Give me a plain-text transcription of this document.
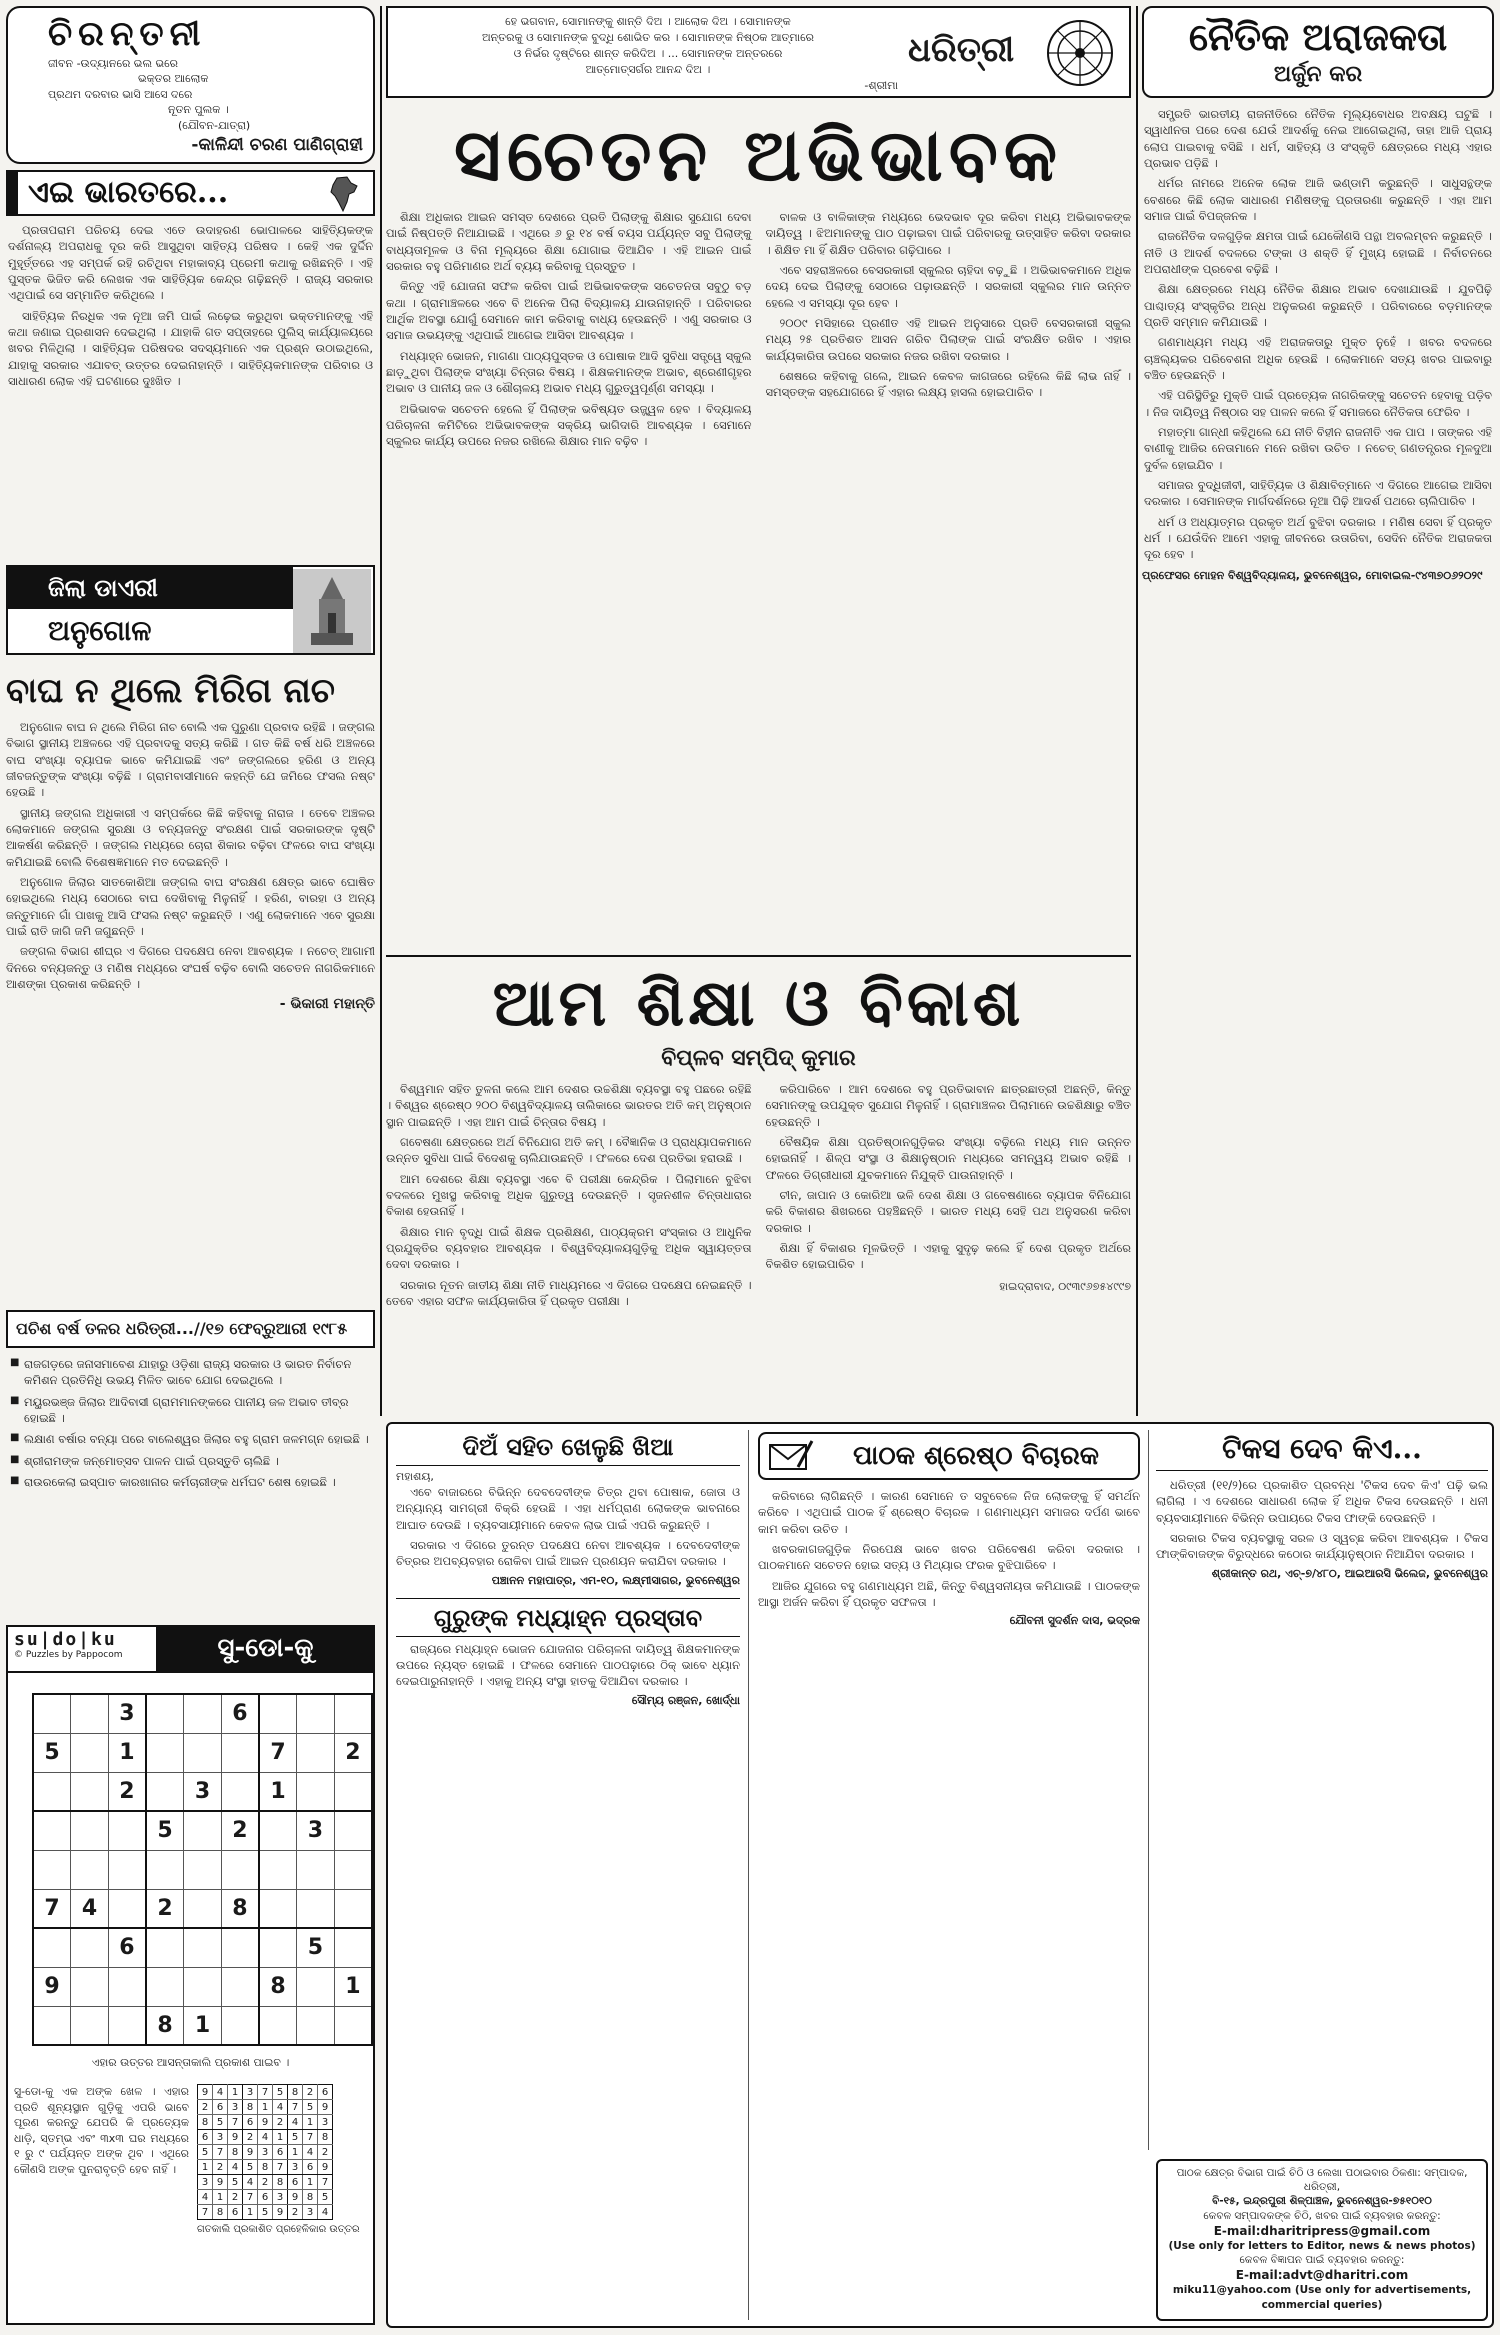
ଚିରନ୍ତନୀ
ଜୀବନ -ଉଦ୍ୟାନରେ ଭଲ ଭରେ
ଭକ୍ତର ଆଲୋକ
ପ୍ରଥମ ଦରବାର ଭାସି ଆସେ ଦରେ
ନୂତନ ପୁଲକ ।
(ଯୌବନ-ଯାତ୍ରା)
-କାଳିନ୍ଦୀ ଚରଣ ପାଣିଗ୍ରାହୀ
ଏଇ ଭାରତରେ...

ପ୍ରତାପରାମ ପରିଚୟ ଦେଇ ଏତେ ଉଦାହରଣ ଭୋପାଳରେ ସାହିତ୍ୟିକଙ୍କ ଦର୍ଶନାଳ୍ୟ ଅପରାଧକୁ ଦୂର କରି ଆସୁଥିବା ସାହିତ୍ୟ ପରିଷଦ । କେହି ଏକ ଦୁର୍ଦ୍ଦିନ ମୁହୂର୍ତ୍ତରେ ଏହ ସମ୍ପର୍କ ରହି ରଚିଥିବା ମହାକାବ୍ୟ ପ୍ରେମୀ କଥାକୁ ରଖିଛନ୍ତି । ଏହି ପୁସ୍ତକ ଭିଜିତ କରି ଲେଖକ ଏକ ସାହିତ୍ୟିକ କେନ୍ଦ୍ର ଗଢ଼ିଛନ୍ତି । ରାଜ୍ୟ ସରକାର ଏଥିପାଇଁ ସେ ସମ୍ମାନିତ କରିଥିଲେ ।

ସାହିତ୍ୟିକ ନିରଧିକ ଏକ ନୂଆ ଜମି ପାଇଁ ଲଢ଼େଇ କରୁଥିବା ଭକ୍ତମାନଙ୍କୁ ଏହି କଥା ଜଣାଇ ପ୍ରଶାସନ ଦେଇଥିଲା । ଯାହାକି ଗତ ସପ୍ତାହରେ ପୁଲିସ୍ କାର୍ଯ୍ୟାଳୟରେ ଖବର ମିଳିଥିଲା । ସାହିତ୍ୟିକ ପରିଷଦର ସଦସ୍ୟମାନେ ଏକ ପ୍ରଶ୍ନ ଉଠାଇଥିଲେ, ଯାହାକୁ ସରକାର ଏଯାବତ୍ ଉତ୍ତର ଦେଇନାହାନ୍ତି । ସାହିତ୍ୟିକମାନଙ୍କ ପରିବାର ଓ ସାଧାରଣ ଲୋକ ଏହି ଘଟଣାରେ ଦୁଃଖିତ ।

ଜିଲା ଡାଏରୀ
ଅନୁଗୋଳ
ବାଘ ନ ଥିଲେ ମିରିଗ ନାଚ

ଅନୁଗୋଳ ବାଘ ନ ଥିଲେ ମିରିଗ ନାଚ ବୋଲି ଏକ ପୁରୁଣା ପ୍ରବାଦ ରହିଛି । ଜଙ୍ଗଲ ବିଭାଗ ସ୍ଥାନୀୟ ଅଞ୍ଚଳରେ ଏହି ପ୍ରବାଦକୁ ସତ୍ୟ କରିଛି । ଗତ କିଛି ବର୍ଷ ଧରି ଅଞ୍ଚଳରେ ବାଘ ସଂଖ୍ୟା ବ୍ୟାପକ ଭାବେ କମିଯାଇଛି ଏବଂ ଜଙ୍ଗଲରେ ହରିଣ ଓ ଅନ୍ୟ ଜୀବଜନ୍ତୁଙ୍କ ସଂଖ୍ୟା ବଢ଼ିଛି । ଗ୍ରାମବାସୀମାନେ କହନ୍ତି ଯେ ଜମିରେ ଫସଲ ନଷ୍ଟ ହେଉଛି ।

ସ୍ଥାନୀୟ ଜଙ୍ଗଲ ଅଧିକାରୀ ଏ ସମ୍ପର୍କରେ କିଛି କହିବାକୁ ନାରାଜ । ତେବେ ଅଞ୍ଚଳର ଲୋକମାନେ ଜଙ୍ଗଲ ସୁରକ୍ଷା ଓ ବନ୍ୟଜନ୍ତୁ ସଂରକ୍ଷଣ ପାଇଁ ସରକାରଙ୍କ ଦୃଷ୍ଟି ଆକର୍ଷଣ କରିଛନ୍ତି । ଜଙ୍ଗଲ ମଧ୍ୟରେ ଚୋରା ଶିକାର ବଢ଼ିବା ଫଳରେ ବାଘ ସଂଖ୍ୟା କମିଯାଇଛି ବୋଲି ବିଶେଷଜ୍ଞମାନେ ମତ ଦେଇଛନ୍ତି ।

ଅନୁଗୋଳ ଜିଲାର ସାତକୋଶିଆ ଜଙ୍ଗଲ ବାଘ ସଂରକ୍ଷଣ କ୍ଷେତ୍ର ଭାବେ ଘୋଷିତ ହୋଇଥିଲେ ମଧ୍ୟ ସେଠାରେ ବାଘ ଦେଖିବାକୁ ମିଳୁନାହିଁ । ହରିଣ, ବାରହା ଓ ଅନ୍ୟ ଜନ୍ତୁମାନେ ଗାଁ ପାଖକୁ ଆସି ଫସଲ ନଷ୍ଟ କରୁଛନ୍ତି । ଏଣୁ ଲୋକମାନେ ଏବେ ସୁରକ୍ଷା ପାଇଁ ରାତି ଜାଗି ଜମି ଜଗୁଛନ୍ତି ।

ଜଙ୍ଗଲ ବିଭାଗ ଶୀଘ୍ର ଏ ଦିଗରେ ପଦକ୍ଷେପ ନେବା ଆବଶ୍ୟକ । ନଚେତ୍ ଆଗାମୀ ଦିନରେ ବନ୍ୟଜନ୍ତୁ ଓ ମଣିଷ ମଧ୍ୟରେ ସଂଘର୍ଷ ବଢ଼ିବ ବୋଲି ସଚେତନ ନାଗରିକମାନେ ଆଶଙ୍କା ପ୍ରକାଶ କରିଛନ୍ତି ।

- ଭିକାରୀ ମହାନ୍ତି
ପଚିଶ ବର୍ଷ ତଳର ଧରିତ୍ରୀ...//୧୭ ଫେବ୍ରୁଆରୀ ୧୯୮୫
■ ରାଜଗଡ଼ରେ ଜନାସମାବେଶ ଯାହାରୁ ଓଡ଼ିଶା ରାଜ୍ୟ ସରକାର ଓ ଭାରତ ନିର୍ବାଚନ କମିଶନ ପ୍ରତିନିଧି ଉଭୟ ମିଳିତ ଭାବେ ଯୋଗ ଦେଇଥିଲେ ।
■ ମୟୁରଭଞ୍ଜ ଜିଲାର ଆଦିବାସୀ ଗ୍ରାମମାନଙ୍କରେ ପାନୀୟ ଜଳ ଅଭାବ ତୀବ୍ର ହୋଇଛି ।
■ ଲକ୍ଷାଣ ବର୍ଷାର ବନ୍ୟା ପରେ ବାଲେଶ୍ୱର ଜିଲାର ବହୁ ଗ୍ରାମ ଜଳମଗ୍ନ ହୋଇଛି ।
■ ଶ୍ରୀରାମଙ୍କ ଜନ୍ମୋତ୍ସବ ପାଳନ ପାଇଁ ପ୍ରସ୍ତୁତି ଚାଲିଛି ।
■ ରାଉରକେଲା ଇସ୍ପାତ କାରଖାନାର କର୍ମଚାରୀଙ୍କ ଧର୍ମଘଟ ଶେଷ ହୋଇଛି ।
su|do|ku
© Puzzles by Pappocom	ସୁ-ଡୋ-କୁ
		3			6			
5		1				7		2
		2		3		1		
			5		2		3	

7	4		2		8			
		6					5	
9						8		1
			8	1				
ଏହାର ଉତ୍ତର ଆସନ୍ତାକାଲି ପ୍ରକାଶ ପାଇବ ।
ସୁ-ଡୋ-କୁ ଏକ ଅଙ୍କ ଖେଳ । ଏହାର ପ୍ରତି ଶୂନ୍ୟସ୍ଥାନ ଗୁଡ଼ିକୁ ଏପରି ଭାବେ ପୂରଣ କରନ୍ତୁ ଯେପରି କି ପ୍ରତ୍ୟେକ ଧାଡ଼ି, ସ୍ତମ୍ଭ ଏବଂ ୩x୩ ଘର ମଧ୍ୟରେ ୧ ରୁ ୯ ପର୍ଯ୍ୟନ୍ତ ଅଙ୍କ ଥିବ । ଏଥିରେ କୌଣସି ଅଙ୍କ ପୁନରାବୃତ୍ତି ହେବ ନାହିଁ ।
9	4	1	3	7	5	8	2	6
2	6	3	8	1	4	7	5	9
8	5	7	6	9	2	4	1	3
6	3	9	2	4	1	5	7	8
5	7	8	9	3	6	1	4	2
1	2	4	5	8	7	3	6	9
3	9	5	4	2	8	6	1	7
4	1	2	7	6	3	9	8	5
7	8	6	1	5	9	2	3	4
ଗତକାଲି ପ୍ରକାଶିତ ପ୍ରହେଳିକାର ଉତ୍ତର
ହେ ଭଗବାନ, ସୋମାନଙ୍କୁ ଶାନ୍ତି ଦିଅ । ଆଲୋକ ଦିଅ । ସୋମାନଙ୍କ
ଅନ୍ତରକୁ ଓ ସୋମାନଙ୍କ ବୁଦ୍ଧି ଶୋଭିତ କର । ସୋମାନଙ୍କ ନିଷ୍ଠକ ଆତ୍ମାରେ
ଓ ନିର୍ଭର ଦୃଷ୍ଟିରେ ଶାନ୍ତ କରିଦିଅ । ... ସୋମାନଙ୍କ ଅନ୍ତରରେ
ଆତ୍ମୋତ୍ସର୍ଗର ଆନନ୍ଦ ଦିଅ ।
-ଶ୍ରୀମା
ଧରିତ୍ରୀ
ସଚେତନ ଅଭିଭାବକ

ଶିକ୍ଷା ଅଧିକାର ଆଇନ ସମସ୍ତ ଦେଶରେ ପ୍ରତି ପିଲାଙ୍କୁ ଶିକ୍ଷାର ସୁଯୋଗ ଦେବା ପାଇଁ ନିଷ୍ପତ୍ତି ନିଆଯାଇଛି । ଏଥିରେ ୬ ରୁ ୧୪ ବର୍ଷ ବୟସ ପର୍ଯ୍ୟନ୍ତ ସବୁ ପିଲାଙ୍କୁ ବାଧ୍ୟତାମୂଳକ ଓ ବିନା ମୂଲ୍ୟରେ ଶିକ୍ଷା ଯୋଗାଇ ଦିଆଯିବ । ଏହି ଆଇନ ପାଇଁ ସରକାର ବହୁ ପରିମାଣର ଅର୍ଥ ବ୍ୟୟ କରିବାକୁ ପ୍ରସ୍ତୁତ ।

କିନ୍ତୁ ଏହି ଯୋଜନା ସଫଳ କରିବା ପାଇଁ ଅଭିଭାବକଙ୍କ ସଚେତନତା ସବୁଠୁ ବଡ଼ କଥା । ଗ୍ରାମାଞ୍ଚଳରେ ଏବେ ବି ଅନେକ ପିଲା ବିଦ୍ୟାଳୟ ଯାଉନାହାନ୍ତି । ପରିବାରର ଆର୍ଥିକ ଅବସ୍ଥା ଯୋଗୁଁ ସେମାନେ କାମ କରିବାକୁ ବାଧ୍ୟ ହେଉଛନ୍ତି । ଏଣୁ ସରକାର ଓ ସମାଜ ଉଭୟଙ୍କୁ ଏଥିପାଇଁ ଆଗେଇ ଆସିବା ଆବଶ୍ୟକ ।

ମଧ୍ୟାହ୍ନ ଭୋଜନ, ମାଗଣା ପାଠ୍ୟପୁସ୍ତକ ଓ ପୋଷାକ ଆଦି ସୁବିଧା ସତ୍ତ୍ୱେ ସ୍କୁଲ ଛାଡ଼ୁଥିବା ପିଲାଙ୍କ ସଂଖ୍ୟା ଚିନ୍ତାର ବିଷୟ । ଶିକ୍ଷକମାନଙ୍କ ଅଭାବ, ଶ୍ରେଣୀଗୃହର ଅଭାବ ଓ ପାନୀୟ ଜଳ ଓ ଶୌଚାଳୟ ଅଭାବ ମଧ୍ୟ ଗୁରୁତ୍ୱପୂର୍ଣ୍ଣ ସମସ୍ୟା ।

ଅଭିଭାବକ ସଚେତନ ହେଲେ ହିଁ ପିଲାଙ୍କ ଭବିଷ୍ୟତ ଉଜ୍ଜ୍ୱଳ ହେବ । ବିଦ୍ୟାଳୟ ପରିଚାଳନା କମିଟିରେ ଅଭିଭାବକଙ୍କ ସକ୍ରିୟ ଭାଗିଦାରି ଆବଶ୍ୟକ । ସେମାନେ ସ୍କୁଲର କାର୍ଯ୍ୟ ଉପରେ ନଜର ରଖିଲେ ଶିକ୍ଷାର ମାନ ବଢ଼ିବ ।

ବାଳକ ଓ ବାଳିକାଙ୍କ ମଧ୍ୟରେ ଭେଦଭାବ ଦୂର କରିବା ମଧ୍ୟ ଅଭିଭାବକଙ୍କ ଦାୟିତ୍ୱ । ଝିଅମାନଙ୍କୁ ପାଠ ପଢ଼ାଇବା ପାଇଁ ପରିବାରକୁ ଉତ୍ସାହିତ କରିବା ଦରକାର । ଶିକ୍ଷିତ ମା ହିଁ ଶିକ୍ଷିତ ପରିବାର ଗଢ଼ିପାରେ ।

ଏବେ ସହରାଞ୍ଚଳରେ ବେସରକାରୀ ସ୍କୁଲର ଚାହିଦା ବଢ଼ୁଛି । ଅଭିଭାବକମାନେ ଅଧିକ ଦେୟ ଦେଇ ପିଲାଙ୍କୁ ସେଠାରେ ପଢ଼ାଉଛନ୍ତି । ସରକାରୀ ସ୍କୁଲର ମାନ ଉନ୍ନତ ହେଲେ ଏ ସମସ୍ୟା ଦୂର ହେବ ।

୨୦୦୯ ମସିହାରେ ପ୍ରଣୀତ ଏହି ଆଇନ ଅନୁସାରେ ପ୍ରତି ବେସରକାରୀ ସ୍କୁଲ ମଧ୍ୟ ୨୫ ପ୍ରତିଶତ ଆସନ ଗରିବ ପିଲାଙ୍କ ପାଇଁ ସଂରକ୍ଷିତ ରଖିବ । ଏହାର କାର୍ଯ୍ୟକାରିତା ଉପରେ ସରକାର ନଜର ରଖିବା ଦରକାର ।

ଶେଷରେ କହିବାକୁ ଗଲେ, ଆଇନ କେବଳ କାଗଜରେ ରହିଲେ କିଛି ଲାଭ ନାହିଁ । ସମସ୍ତଙ୍କ ସହଯୋଗରେ ହିଁ ଏହାର ଲକ୍ଷ୍ୟ ହାସଲ ହୋଇପାରିବ ।

ଆମ ଶିକ୍ଷା ଓ ବିକାଶ
ବିପ୍ଳବ ସମ୍ପିଦ୍ କୁମାର

ବିଶ୍ୱମାନ ସହିତ ତୁଳନା କଲେ ଆମ ଦେଶର ଉଚ୍ଚଶିକ୍ଷା ବ୍ୟବସ୍ଥା ବହୁ ପଛରେ ରହିଛି । ବିଶ୍ୱର ଶ୍ରେଷ୍ଠ ୨୦୦ ବିଶ୍ୱବିଦ୍ୟାଳୟ ତାଲିକାରେ ଭାରତର ଅତି କମ୍ ଅନୁଷ୍ଠାନ ସ୍ଥାନ ପାଇଛନ୍ତି । ଏହା ଆମ ପାଇଁ ଚିନ୍ତାର ବିଷୟ ।

ଗବେଷଣା କ୍ଷେତ୍ରରେ ଅର୍ଥ ବିନିଯୋଗ ଅତି କମ୍ । ବୈଜ୍ଞାନିକ ଓ ପ୍ରାଧ୍ୟାପକମାନେ ଉନ୍ନତ ସୁବିଧା ପାଇଁ ବିଦେଶକୁ ଚାଲିଯାଉଛନ୍ତି । ଫଳରେ ଦେଶ ପ୍ରତିଭା ହରାଉଛି ।

ଆମ ଦେଶରେ ଶିକ୍ଷା ବ୍ୟବସ୍ଥା ଏବେ ବି ପରୀକ୍ଷା କେନ୍ଦ୍ରିକ । ପିଲାମାନେ ବୁଝିବା ବଦଳରେ ମୁଖସ୍ଥ କରିବାକୁ ଅଧିକ ଗୁରୁତ୍ୱ ଦେଉଛନ୍ତି । ସୃଜନଶୀଳ ଚିନ୍ତାଧାରାର ବିକାଶ ହେଉନାହିଁ ।

ଶିକ୍ଷାର ମାନ ବୃଦ୍ଧି ପାଇଁ ଶିକ୍ଷକ ପ୍ରଶିକ୍ଷଣ, ପାଠ୍ୟକ୍ରମ ସଂସ୍କାର ଓ ଆଧୁନିକ ପ୍ରଯୁକ୍ତିର ବ୍ୟବହାର ଆବଶ୍ୟକ । ବିଶ୍ୱବିଦ୍ୟାଳୟଗୁଡ଼ିକୁ ଅଧିକ ସ୍ୱାୟତ୍ତତା ଦେବା ଦରକାର ।

ସରକାର ନୂତନ ଜାତୀୟ ଶିକ୍ଷା ନୀତି ମାଧ୍ୟମରେ ଏ ଦିଗରେ ପଦକ୍ଷେପ ନେଇଛନ୍ତି । ତେବେ ଏହାର ସଫଳ କାର୍ଯ୍ୟକାରିତା ହିଁ ପ୍ରକୃତ ପରୀକ୍ଷା ।

କରିପାରିବେ । ଆମ ଦେଶରେ ବହୁ ପ୍ରତିଭାବାନ ଛାତ୍ରଛାତ୍ରୀ ଅଛନ୍ତି, କିନ୍ତୁ ସେମାନଙ୍କୁ ଉପଯୁକ୍ତ ସୁଯୋଗ ମିଳୁନାହିଁ । ଗ୍ରାମାଞ୍ଚଳର ପିଲାମାନେ ଉଚ୍ଚଶିକ୍ଷାରୁ ବଞ୍ଚିତ ହେଉଛନ୍ତି ।

ବୈଷୟିକ ଶିକ୍ଷା ପ୍ରତିଷ୍ଠାନଗୁଡ଼ିକର ସଂଖ୍ୟା ବଢ଼ିଲେ ମଧ୍ୟ ମାନ ଉନ୍ନତ ହୋଇନାହିଁ । ଶିଳ୍ପ ସଂସ୍ଥା ଓ ଶିକ୍ଷାନୁଷ୍ଠାନ ମଧ୍ୟରେ ସମନ୍ୱୟ ଅଭାବ ରହିଛି । ଫଳରେ ଡିଗ୍ରୀଧାରୀ ଯୁବକମାନେ ନିଯୁକ୍ତି ପାଉନାହାନ୍ତି ।

ଚୀନ, ଜାପାନ ଓ କୋରିଆ ଭଳି ଦେଶ ଶିକ୍ଷା ଓ ଗବେଷଣାରେ ବ୍ୟାପକ ବିନିଯୋଗ କରି ବିକାଶର ଶିଖରରେ ପହଞ୍ଚିଛନ୍ତି । ଭାରତ ମଧ୍ୟ ସେହି ପଥ ଅନୁସରଣ କରିବା ଦରକାର ।

ଶିକ୍ଷା ହିଁ ବିକାଶର ମୂଳଭିତ୍ତି । ଏହାକୁ ସୁଦୃଢ଼ କଲେ ହିଁ ଦେଶ ପ୍ରକୃତ ଅର୍ଥରେ ବିକଶିତ ହୋଇପାରିବ ।

ହାଇଦ୍ରାବାଦ, ୦୯୩୯୬୭୫୪୯୯୭
ନୈତିକ ଅରାଜକତା
ଅର୍ଜୁନ କର

ସମ୍ପ୍ରତି ଭାରତୀୟ ରାଜନୀତିରେ ନୈତିକ ମୂଲ୍ୟବୋଧର ଅବକ୍ଷୟ ଘଟୁଛି । ସ୍ୱାଧୀନତା ପରେ ଦେଶ ଯେଉଁ ଆଦର୍ଶକୁ ନେଇ ଆଗେଇଥିଲା, ତାହା ଆଜି ପ୍ରାୟ ଲୋପ ପାଇବାକୁ ବସିଛି । ଧର୍ମ, ସାହିତ୍ୟ ଓ ସଂସ୍କୃତି କ୍ଷେତ୍ରରେ ମଧ୍ୟ ଏହାର ପ୍ରଭାବ ପଡ଼ିଛି ।

ଧର୍ମର ନାମରେ ଅନେକ ଲୋକ ଆଜି ଭଣ୍ଡାମି କରୁଛନ୍ତି । ସାଧୁସନ୍ଥଙ୍କ ବେଶରେ କିଛି ଲୋକ ସାଧାରଣ ମଣିଷଙ୍କୁ ପ୍ରତାରଣା କରୁଛନ୍ତି । ଏହା ଆମ ସମାଜ ପାଇଁ ବିପଜ୍ଜନକ ।

ରାଜନୈତିକ ଦଳଗୁଡ଼ିକ କ୍ଷମତା ପାଇଁ ଯେକୌଣସି ପନ୍ଥା ଅବଲମ୍ବନ କରୁଛନ୍ତି । ନୀତି ଓ ଆଦର୍ଶ ବଦଳରେ ଟଙ୍କା ଓ ଶକ୍ତି ହିଁ ମୁଖ୍ୟ ହୋଇଛି । ନିର୍ବାଚନରେ ଅପରାଧୀଙ୍କ ପ୍ରବେଶ ବଢ଼ିଛି ।

ଶିକ୍ଷା କ୍ଷେତ୍ରରେ ମଧ୍ୟ ନୈତିକ ଶିକ୍ଷାର ଅଭାବ ଦେଖାଯାଉଛି । ଯୁବପିଢ଼ି ପାଶ୍ଚାତ୍ୟ ସଂସ୍କୃତିର ଅନ୍ଧ ଅନୁକରଣ କରୁଛନ୍ତି । ପରିବାରରେ ବଡ଼ମାନଙ୍କ ପ୍ରତି ସମ୍ମାନ କମିଯାଉଛି ।

ଗଣମାଧ୍ୟମ ମଧ୍ୟ ଏହି ଅରାଜକତାରୁ ମୁକ୍ତ ନୁହେଁ । ଖବର ବଦଳରେ ଚାଞ୍ଚଲ୍ୟକର ପରିବେଶନା ଅଧିକ ହେଉଛି । ଲୋକମାନେ ସତ୍ୟ ଖବର ପାଇବାରୁ ବଞ୍ଚିତ ହେଉଛନ୍ତି ।

ଏହି ପରିସ୍ଥିତିରୁ ମୁକ୍ତି ପାଇଁ ପ୍ରତ୍ୟେକ ନାଗରିକଙ୍କୁ ସଚେତନ ହେବାକୁ ପଡ଼ିବ । ନିଜ ଦାୟିତ୍ୱ ନିଷ୍ଠାର ସହ ପାଳନ କଲେ ହିଁ ସମାଜରେ ନୈତିକତା ଫେରିବ ।

ମହାତ୍ମା ଗାନ୍ଧୀ କହିଥିଲେ ଯେ ନୀତି ବିହୀନ ରାଜନୀତି ଏକ ପାପ । ତାଙ୍କର ଏହି ବାଣୀକୁ ଆଜିର ନେତାମାନେ ମନେ ରଖିବା ଉଚିତ । ନଚେତ୍ ଗଣତନ୍ତ୍ରର ମୂଳଦୁଆ ଦୁର୍ବଳ ହୋଇଯିବ ।

ସମାଜର ବୁଦ୍ଧିଜୀବୀ, ସାହିତ୍ୟିକ ଓ ଶିକ୍ଷାବିତ୍‌ମାନେ ଏ ଦିଗରେ ଆଗେଇ ଆସିବା ଦରକାର । ସେମାନଙ୍କ ମାର୍ଗଦର୍ଶନରେ ନୂଆ ପିଢ଼ି ଆଦର୍ଶ ପଥରେ ଚାଲିପାରିବ ।

ଧର୍ମ ଓ ଅଧ୍ୟାତ୍ମର ପ୍ରକୃତ ଅର୍ଥ ବୁଝିବା ଦରକାର । ମଣିଷ ସେବା ହିଁ ପ୍ରକୃତ ଧର୍ମ । ଯେଉଁଦିନ ଆମେ ଏହାକୁ ଜୀବନରେ ଉତାରିବା, ସେଦିନ ନୈତିକ ଅରାଜକତା ଦୂର ହେବ ।

ପ୍ରଫେସର ମୋହନ ବିଶ୍ୱବିଦ୍ୟାଳୟ, ଭୁବନେଶ୍ୱର, ମୋବାଇଲ-୯୪୩୭୦୬୨୦୨୯
ଦିଅଁ ସହିତ ଖେଳୁଛି ଖିଆ
ମହାଶୟ,

ଏବେ ବାଜାରରେ ବିଭିନ୍ନ ଦେବଦେବୀଙ୍କ ଚିତ୍ର ଥିବା ପୋଷାକ, ଜୋତା ଓ ଅନ୍ୟାନ୍ୟ ସାମଗ୍ରୀ ବିକ୍ରି ହେଉଛି । ଏହା ଧର୍ମପ୍ରାଣ ଲୋକଙ୍କ ଭାବନାରେ ଆଘାତ ଦେଉଛି । ବ୍ୟବସାୟୀମାନେ କେବଳ ଲାଭ ପାଇଁ ଏପରି କରୁଛନ୍ତି ।

ସରକାର ଏ ଦିଗରେ ତୁରନ୍ତ ପଦକ୍ଷେପ ନେବା ଆବଶ୍ୟକ । ଦେବଦେବୀଙ୍କ ଚିତ୍ରର ଅପବ୍ୟବହାର ରୋକିବା ପାଇଁ ଆଇନ ପ୍ରଣୟନ କରାଯିବା ଦରକାର ।

ପଞ୍ଚାନନ ମହାପାତ୍ର, ଏମ-୧୦, ଲକ୍ଷ୍ମୀସାଗର, ଭୁବନେଶ୍ୱର
ଗୁରୁଙ୍କ ମଧ୍ୟାହ୍ନ ପ୍ରସ୍ତାବ

ରାଜ୍ୟରେ ମଧ୍ୟାହ୍ନ ଭୋଜନ ଯୋଜନାର ପରିଚାଳନା ଦାୟିତ୍ୱ ଶିକ୍ଷକମାନଙ୍କ ଉପରେ ନ୍ୟସ୍ତ ହୋଇଛି । ଫଳରେ ସେମାନେ ପାଠପଢ଼ାରେ ଠିକ୍ ଭାବେ ଧ୍ୟାନ ଦେଇପାରୁନାହାନ୍ତି । ଏହାକୁ ଅନ୍ୟ ସଂସ୍ଥା ହାତକୁ ଦିଆଯିବା ଦରକାର ।

ସୌମ୍ୟ ରଞ୍ଜନ, ଖୋର୍ଦ୍ଧା
ପାଠକ ଶ୍ରେଷ୍ଠ ବିଚାରକ

କରିବାରେ ଲାଗିଛନ୍ତି । କାରଣ ସେମାନେ ତ ସବୁବେଳେ ନିଜ ଲୋକଙ୍କୁ ହିଁ ସମର୍ଥନ କରିବେ । ଏଥିପାଇଁ ପାଠକ ହିଁ ଶ୍ରେଷ୍ଠ ବିଚାରକ । ଗଣମାଧ୍ୟମ ସମାଜର ଦର୍ପଣ ଭାବେ କାମ କରିବା ଉଚିତ ।

ଖବରକାଗଜଗୁଡ଼ିକ ନିରପେକ୍ଷ ଭାବେ ଖବର ପରିବେଷଣ କରିବା ଦରକାର । ପାଠକମାନେ ସଚେତନ ହୋଇ ସତ୍ୟ ଓ ମିଥ୍ୟାର ଫରକ ବୁଝିପାରିବେ ।

ଆଜିର ଯୁଗରେ ବହୁ ଗଣମାଧ୍ୟମ ଅଛି, କିନ୍ତୁ ବିଶ୍ୱସନୀୟତା କମିଯାଉଛି । ପାଠକଙ୍କ ଆସ୍ଥା ଅର୍ଜନ କରିବା ହିଁ ପ୍ରକୃତ ସଫଳତା ।

ଯୌବନୀ ସୁଦର୍ଶନ ଦାସ, ଭଦ୍ରକ
ଟିକସ ଦେବ କିଏ...

ଧରିତ୍ରୀ (୧୧/୨)ରେ ପ୍ରକାଶିତ ପ୍ରବନ୍ଧ 'ଟିକସ ଦେବ କିଏ' ପଢ଼ି ଭଲ ଲାଗିଲା । ଏ ଦେଶରେ ସାଧାରଣ ଲୋକ ହିଁ ଅଧିକ ଟିକସ ଦେଉଛନ୍ତି । ଧନୀ ବ୍ୟବସାୟୀମାନେ ବିଭିନ୍ନ ଉପାୟରେ ଟିକସ ଫାଙ୍କି ଦେଉଛନ୍ତି ।

ସରକାର ଟିକସ ବ୍ୟବସ୍ଥାକୁ ସରଳ ଓ ସ୍ୱଚ୍ଛ କରିବା ଆବଶ୍ୟକ । ଟିକସ ଫାଙ୍କିବାଜଙ୍କ ବିରୁଦ୍ଧରେ କଠୋର କାର୍ଯ୍ୟାନୁଷ୍ଠାନ ନିଆଯିବା ଦରକାର ।

ଶ୍ରୀକାନ୍ତ ରଥ, ଏଚ୍-୭/୪୮୦, ଆଇଆରସି ଭିଲେଜ, ଭୁବନେଶ୍ୱର
ପାଠକ କ୍ଷେତ୍ର ବିଭାଗ ପାଇଁ ଚିଠି ଓ ଲେଖା ପଠାଇବାର ଠିକଣା: ସମ୍ପାଦକ, ଧରିତ୍ରୀ,
ବି-୧୫, ଇନ୍ଦ୍ରପୁରୀ ଶିଳ୍ପାଞ୍ଚଳ, ଭୁବନେଶ୍ୱର-୭୫୧୦୧୦
କେବଳ ସମ୍ପାଦକଙ୍କ ଚିଠି, ଖବର ପାଇଁ ବ୍ୟବହାର କରନ୍ତୁ:
E-mail:dharitripress@gmail.com
(Use only for letters to Editor, news & news photos)
କେବଳ ବିଜ୍ଞାପନ ପାଇଁ ବ୍ୟବହାର କରନ୍ତୁ:
E-mail:advt@dharitri.com
miku11@yahoo.com (Use only for advertisements, commercial queries)
